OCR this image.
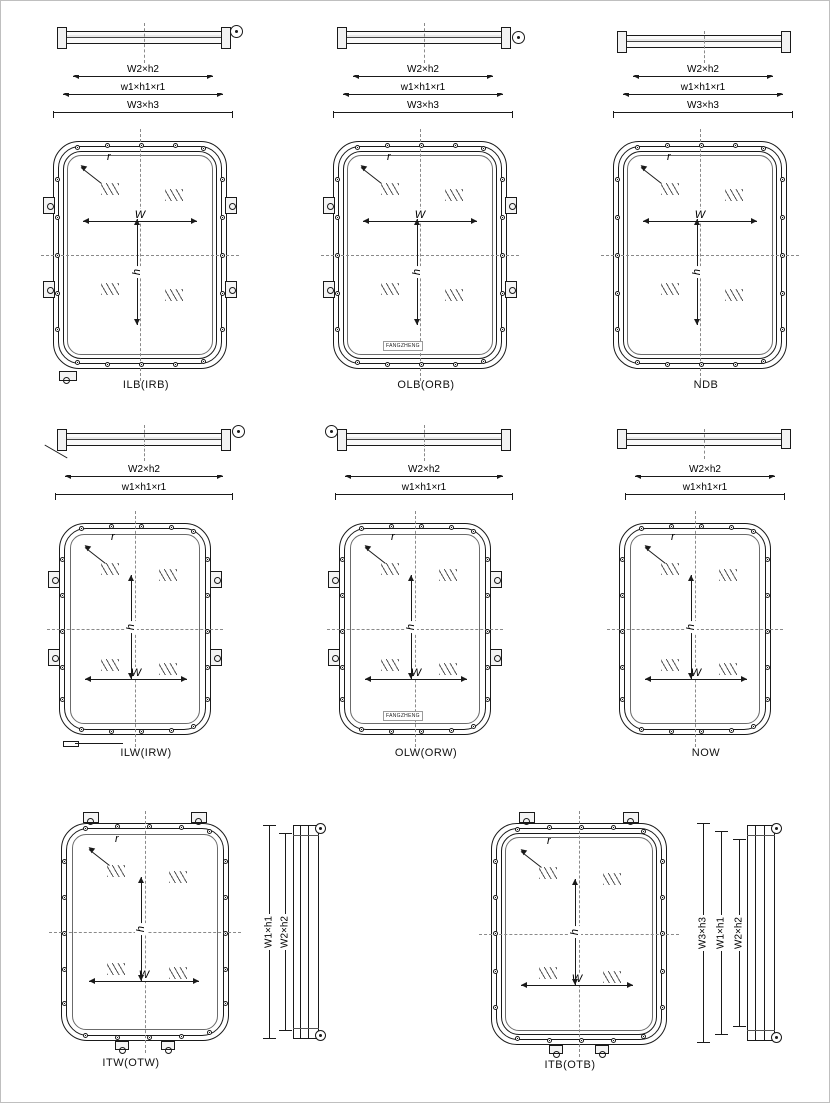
W2×h2
w1×h1×r1
W3×h3
r
W
h
ILB(IRB)
W2×h2
w1×h1×r1
W3×h3
r
W
h
FANGZHENG
OLB(ORB)
W2×h2
w1×h1×r1
W3×h3
r
W
h
NDB
W2×h2
w1×h1×r1
r
W
h
ILW(IRW)
W2×h2
w1×h1×r1
r
W
h
FANGZHENG
OLW(ORW)
W2×h2
w1×h1×r1
r
W
h
NOW
r
W
h	W1×h1 W2×h2
ITW(OTW)
r
W
h	W3×h3 W1×h1 W2×h2
ITB(OTB)
